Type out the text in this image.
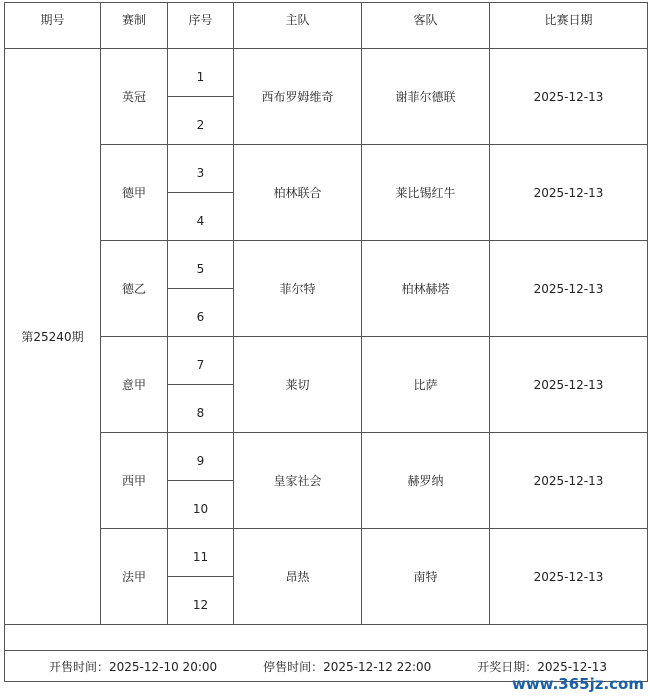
期号	赛制	序号	主队	客队	比赛日期
第25240期	英冠	1	西布罗姆维奇	谢菲尔德联	2025-12-13

		2			

	德甲	3	柏林联合	莱比锡红牛	2025-12-13

		4			

	德乙	5	菲尔特	柏林赫塔	2025-12-13

		6			

	意甲	7	莱切	比萨	2025-12-13

		8			

	西甲	9	皇家社会	赫罗纳	2025-12-13

		10			

	法甲	11	昂热	南特	2025-12-13

		12			

开售时间：2025-12-10 20:00 停售时间：2025-12-12 22:00 开奖日期：2025-12-13					
www.365jz.com
